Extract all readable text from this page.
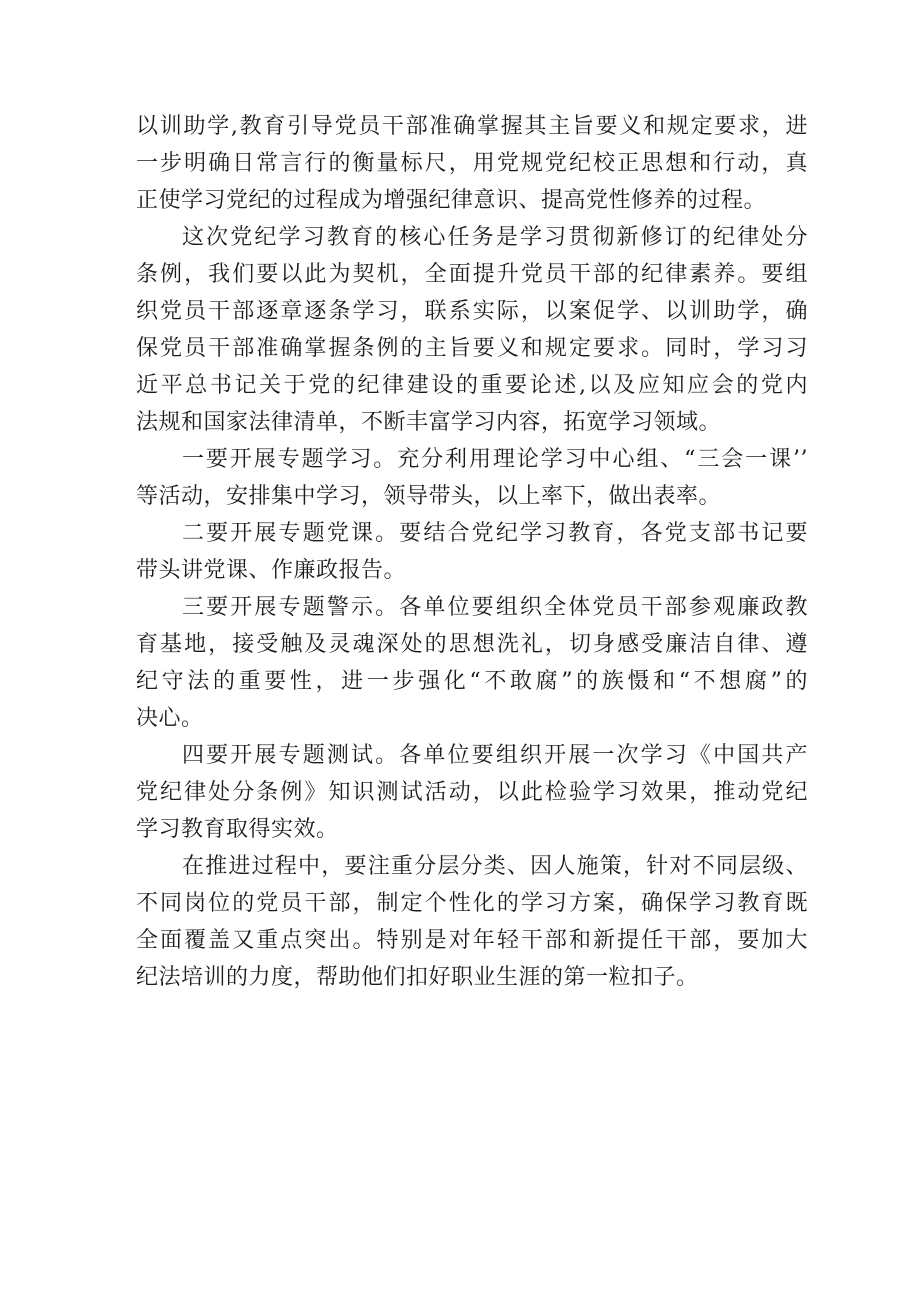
以训助学,教育引导党员干部准确掌握其主旨要义和规定要求，进
一步明确日常言行的衡量标尺，用党规党纪校正思想和行动，真
正使学习党纪的过程成为增强纪律意识、提高党性修养的过程。

这次党纪学习教育的核心任务是学习贯彻新修订的纪律处分
条例，我们要以此为契机，全面提升党员干部的纪律素养。要组
织党员干部逐章逐条学习，联系实际，以案促学、以训助学，确
保党员干部准确掌握条例的主旨要义和规定要求。同时，学习习
近平总书记关于党的纪律建设的重要论述,以及应知应会的党内
法规和国家法律清单，不断丰富学习内容，拓宽学习领域。

一要开展专题学习。充分利用理论学习中心组、“三会一课’’
等活动，安排集中学习，领导带头，以上率下，做出表率。

二要开展专题党课。要结合党纪学习教育，各党支部书记要
带头讲党课、作廉政报告。

三要开展专题警示。各单位要组织全体党员干部参观廉政教
育基地，接受触及灵魂深处的思想洗礼，切身感受廉洁自律、遵
纪守法的重要性，进一步强化“不敢腐”的族慑和“不想腐”的
决心。

四要开展专题测试。各单位要组织开展一次学习《中国共产
党纪律处分条例》知识测试活动，以此检验学习效果，推动党纪
学习教育取得实效。

在推进过程中，要注重分层分类、因人施策，针对不同层级、
不同岗位的党员干部，制定个性化的学习方案，确保学习教育既
全面覆盖又重点突出。特别是对年轻干部和新提任干部，要加大
纪法培训的力度，帮助他们扣好职业生涯的第一粒扣子。
